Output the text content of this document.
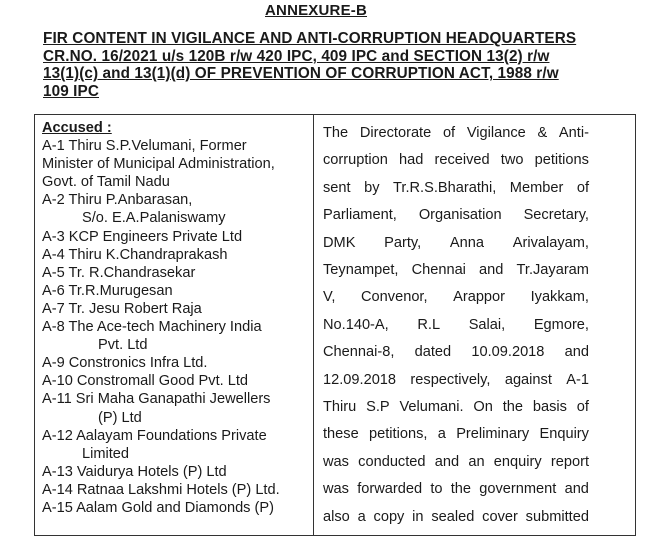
ANNEXURE-B
FIR CONTENT IN VIGILANCE AND ANTI-CORRUPTION HEADQUARTERS
CR.NO. 16/2021 u/s 120B r/w 420 IPC, 409 IPC and SECTION 13(2) r/w
13(1)(c) and 13(1)(d) OF PREVENTION OF CORRUPTION ACT, 1988 r/w
109 IPC
Accused :
A-1 Thiru S.P.Velumani, Former
Minister of Municipal Administration,
Govt. of Tamil Nadu
A-2 Thiru P.Anbarasan,
S/o. E.A.Palaniswamy
A-3 KCP Engineers Private Ltd
A-4 Thiru K.Chandraprakash
A-5 Tr. R.Chandrasekar
A-6 Tr.R.Murugesan
A-7 Tr. Jesu Robert Raja
A-8 The Ace-tech Machinery India
Pvt. Ltd
A-9 Constronics Infra Ltd.
A-10 Constromall Good Pvt. Ltd
A-11 Sri Maha Ganapathi Jewellers
(P) Ltd
A-12 Aalayam Foundations Private
Limited
A-13 Vaidurya Hotels (P) Ltd
A-14 Ratnaa Lakshmi Hotels (P) Ltd.
A-15 Aalam Gold and Diamonds (P)
The Directorate of Vigilance & Anti-
corruption had received two petitions
sent by Tr.R.S.Bharathi, Member of
Parliament, Organisation Secretary,
DMK Party, Anna Arivalayam,
Teynampet, Chennai and Tr.Jayaram
V, Convenor, Arappor Iyakkam,
No.140-A, R.L Salai, Egmore,
Chennai-8, dated 10.09.2018 and
12.09.2018 respectively, against A-1
Thiru S.P Velumani. On the basis of
these petitions, a Preliminary Enquiry
was conducted and an enquiry report
was forwarded to the government and
also a copy in sealed cover submitted
